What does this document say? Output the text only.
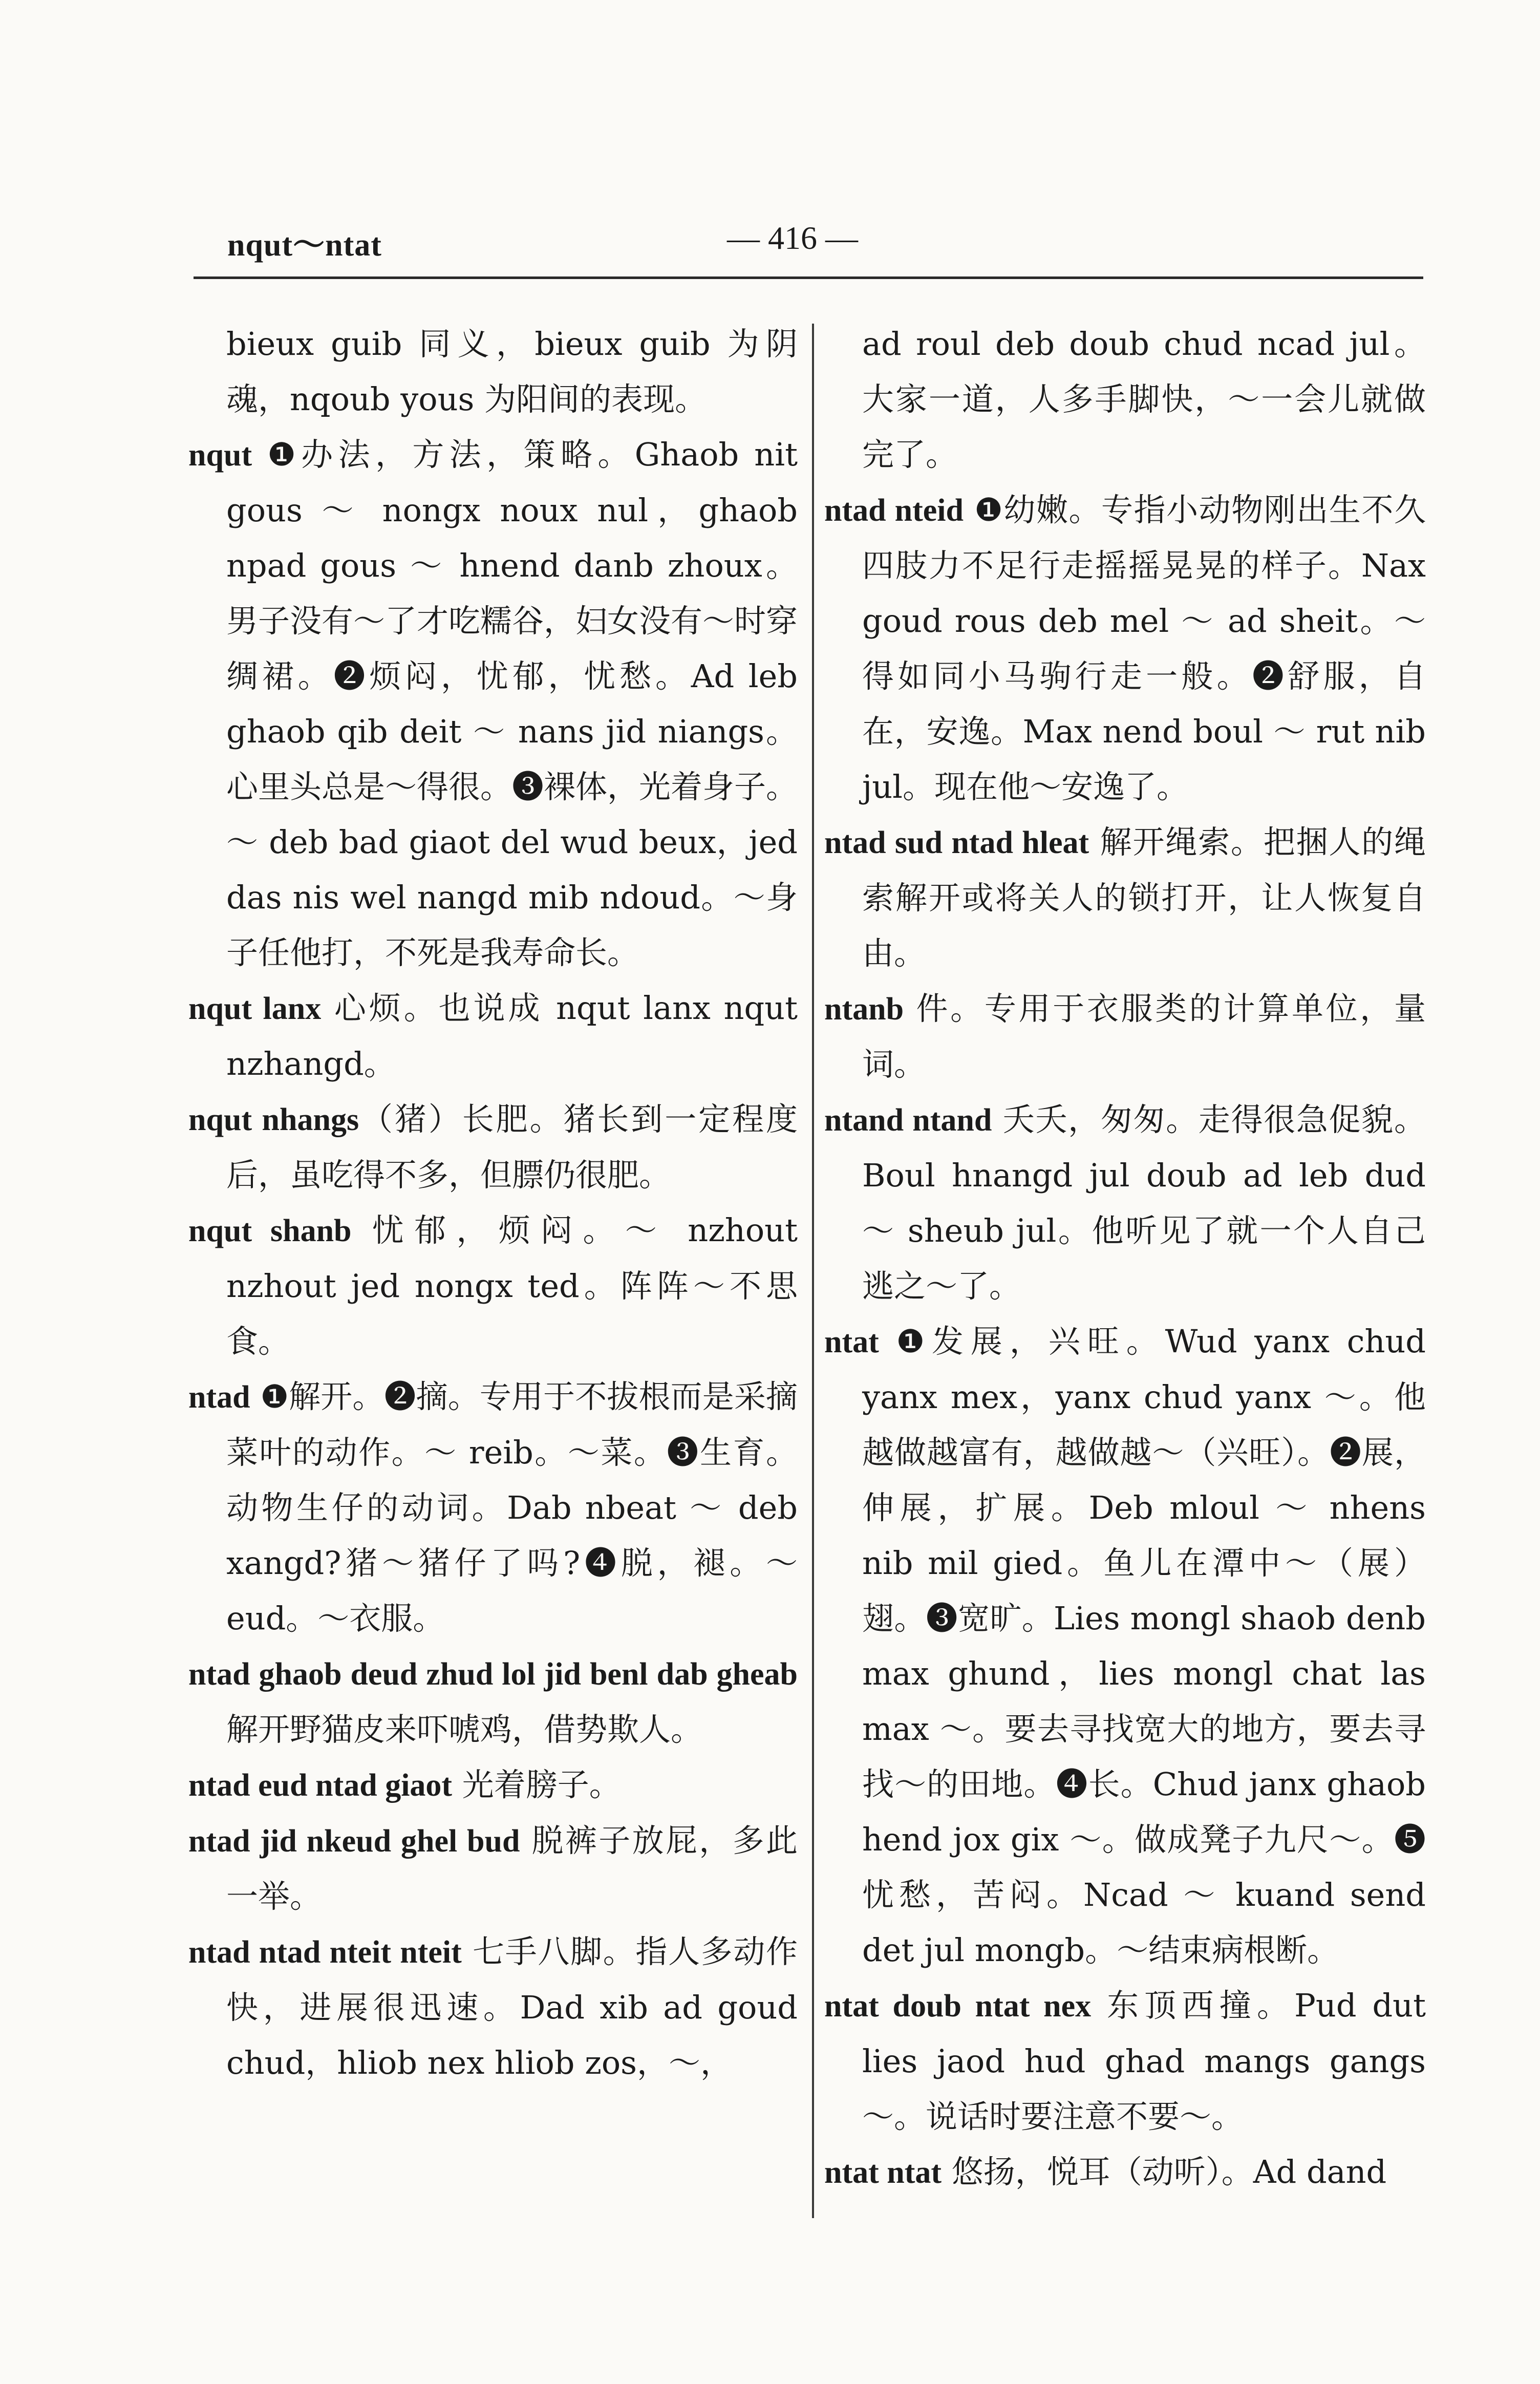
nqut～ntat	— 416 —

bieux guib 同义，bieux guib 为阴魂，nqoub yous 为阳间的表现。

nqut ❶办法，方法，策略。Ghaob nit gous ～ nongx noux nul，ghaob npad gous ～ hnend danb zhoux。男子没有～了才吃糯谷，妇女没有～时穿绸裙。❷烦闷，忧郁，忧愁。Ad leb ghaob qib deit ～ nans jid niangs。心里头总是～得很。❸裸体，光着身子。～ deb bad giaot del wud beux，jed das nis wel nangd mib ndoud。～身子任他打，不死是我寿命长。

nqut lanx 心烦。也说成 nqut lanx nqut nzhangd。

nqut nhangs（猪）长肥。猪长到一定程度后，虽吃得不多，但膘仍很肥。

nqut shanb 忧郁，烦闷。～ nzhout nzhout jed nongx ted。阵阵～不思食。

ntad ❶解开。❷摘。专用于不拔根而是采摘菜叶的动作。～ reib。～菜。❸生育。动物生仔的动词。Dab nbeat ～ deb xangd?猪～猪仔了吗?❹脱，褪。～ eud。～衣服。

ntad ghaob deud zhud lol jid benl dab gheab 解开野猫皮来吓唬鸡，借势欺人。

ntad eud ntad giaot 光着膀子。

ntad jid nkeud ghel bud 脱裤子放屁，多此一举。

ntad ntad nteit nteit 七手八脚。指人多动作快，进展很迅速。Dad xib ad goud chud，hliob nex hliob zos，～，

ad roul deb doub chud ncad jul。大家一道，人多手脚快，～一会儿就做完了。

ntad nteid ❶幼嫩。专指小动物刚出生不久四肢力不足行走摇摇晃晃的样子。Nax goud rous deb mel ～ ad sheit。～得如同小马驹行走一般。❷舒服，自在，安逸。Max nend boul ～ rut nib jul。现在他～安逸了。

ntad sud ntad hleat 解开绳索。把捆人的绳索解开或将关人的锁打开，让人恢复自由。

ntanb 件。专用于衣服类的计算单位，量词。

ntand ntand 夭夭，匆匆。走得很急促貌。Boul hnangd jul doub ad leb dud ～ sheub jul。他听见了就一个人自己逃之～了。

ntat ❶发展，兴旺。Wud yanx chud yanx mex，yanx chud yanx ～。他越做越富有，越做越～（兴旺）。❷展，伸展，扩展。Deb mloul ～ nhens nib mil gied。鱼儿在潭中～（展）翅。❸宽旷。Lies mongl shaob denb max ghund，lies mongl chat las max ～。要去寻找宽大的地方，要去寻找～的田地。❹长。Chud janx ghaob hend jox gix ～。做成凳子九尺～。❺忧愁，苦闷。Ncad ～ kuand send det jul mongb。～结束病根断。

ntat doub ntat nex 东顶西撞。Pud dut lies jaod hud ghad mangs gangs ～。说话时要注意不要～。

ntat ntat 悠扬，悦耳（动听）。Ad dand
